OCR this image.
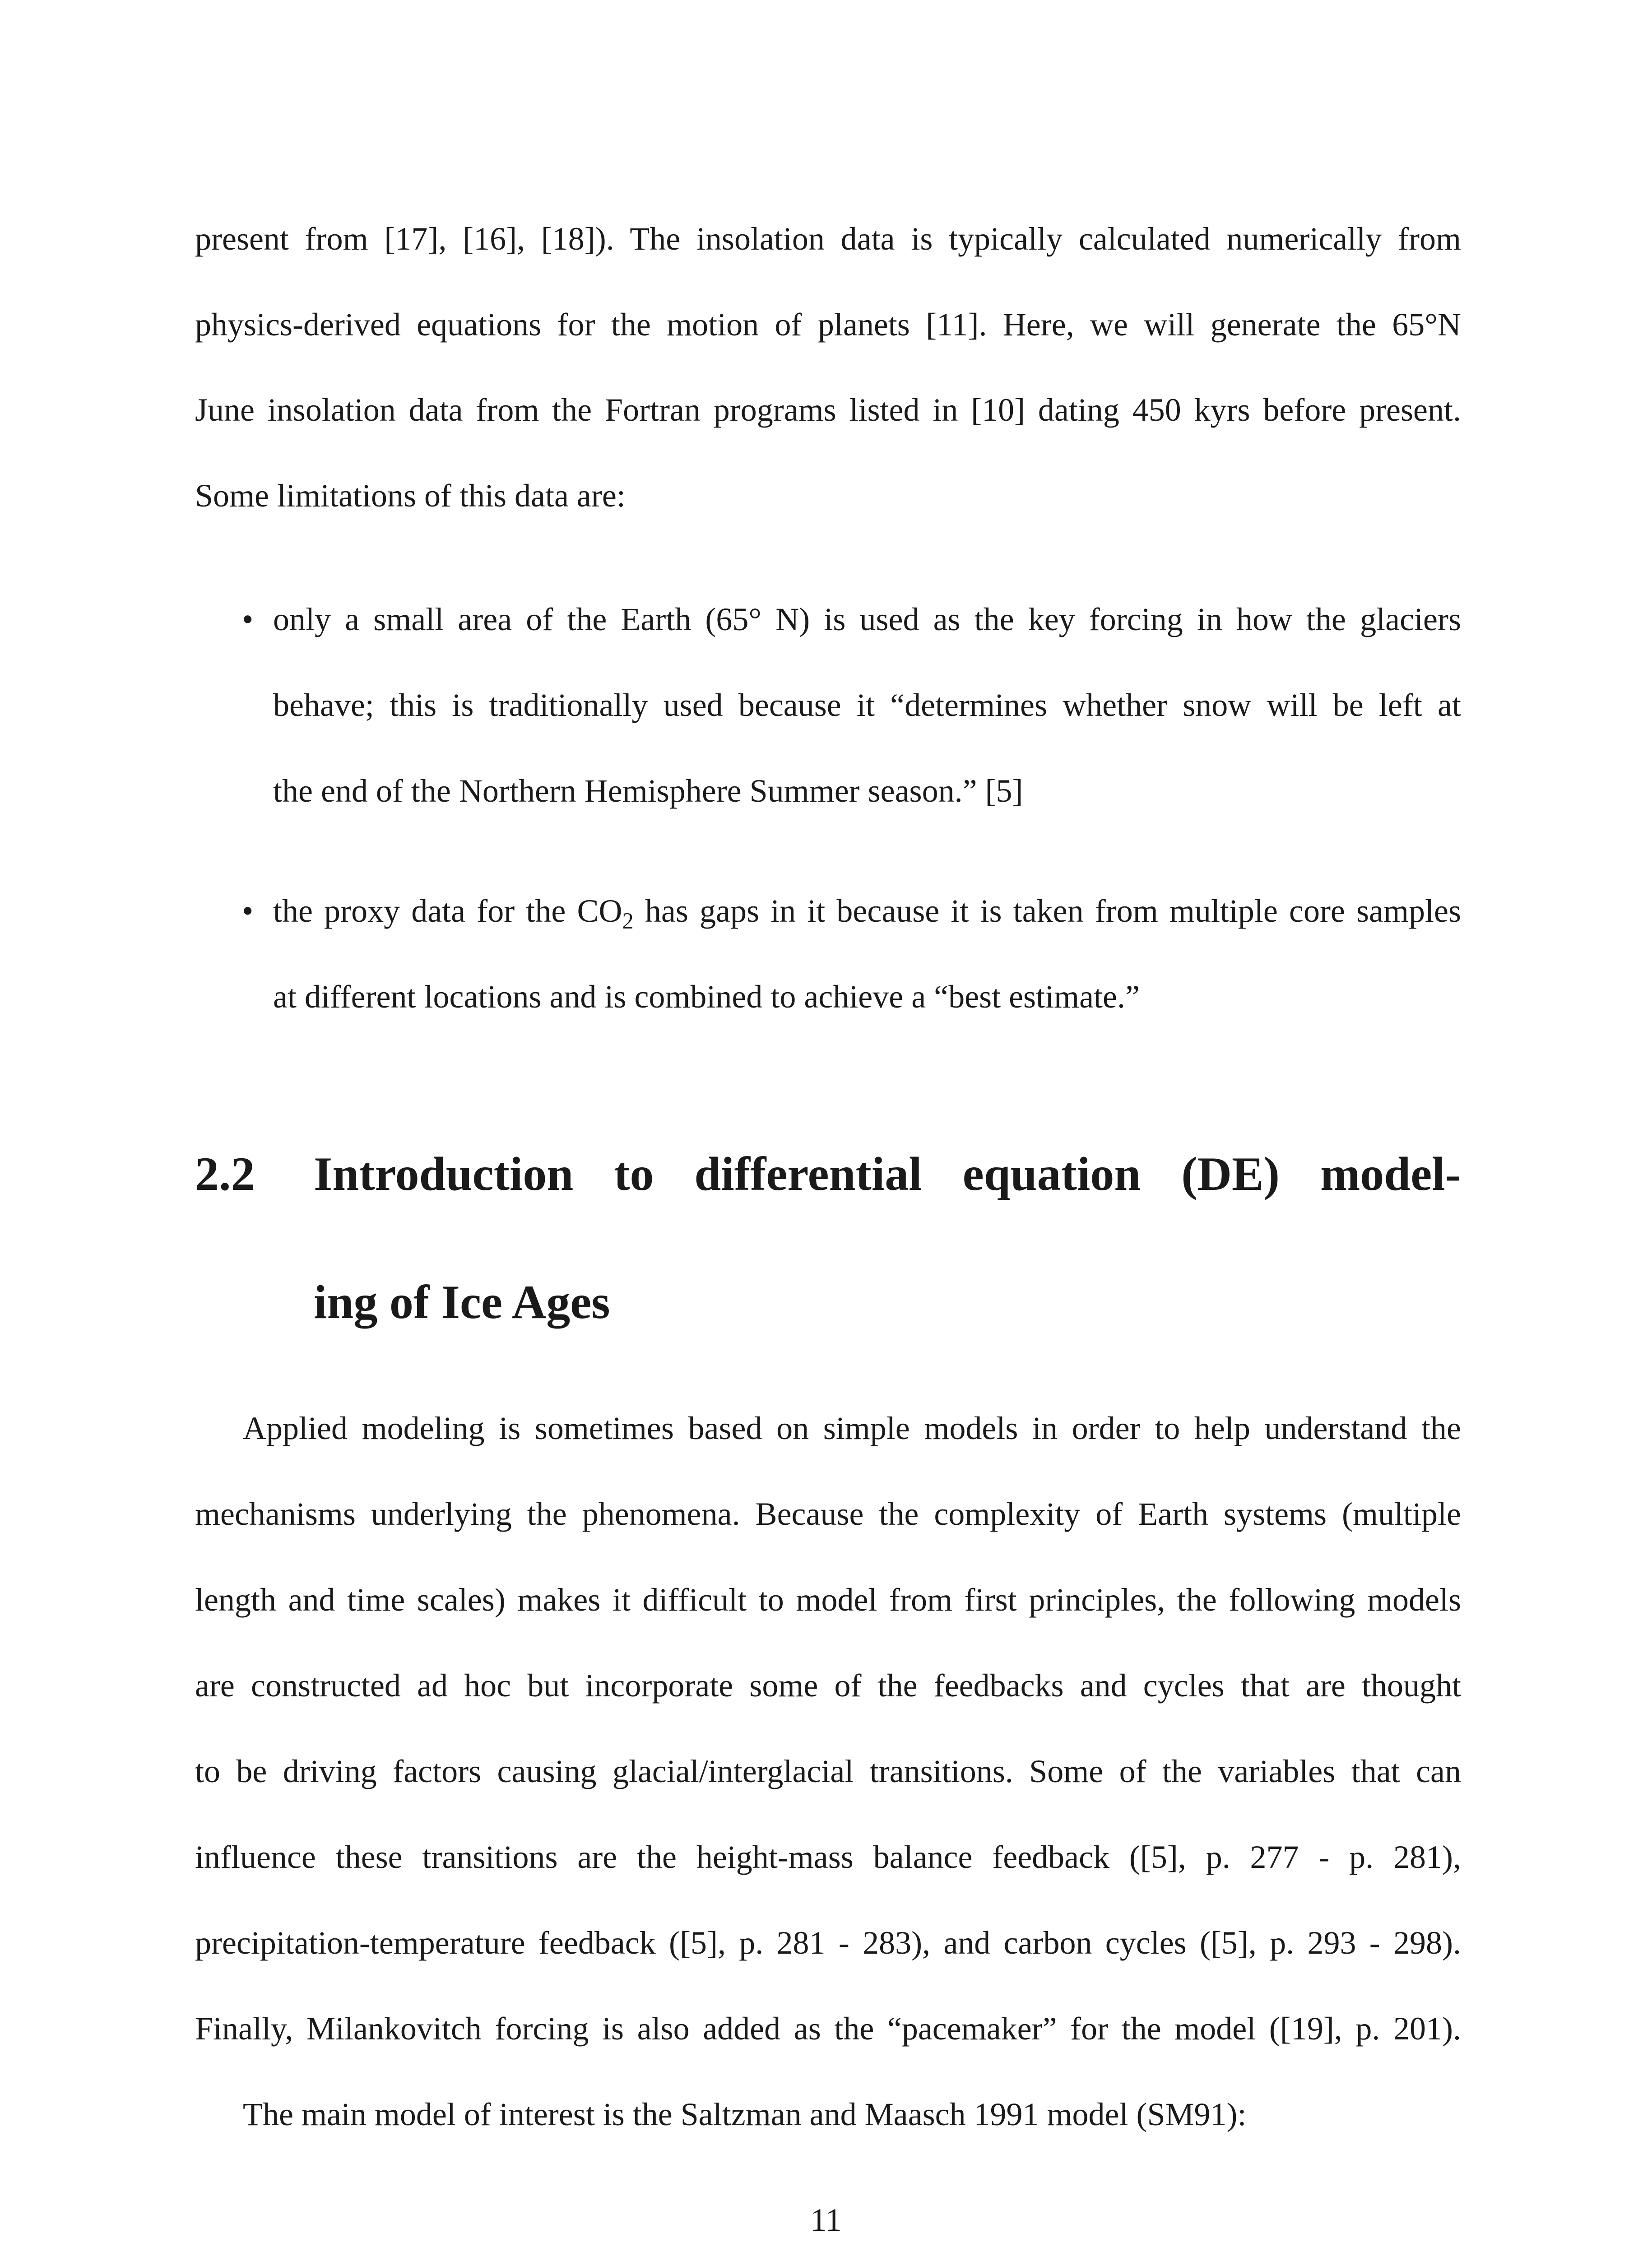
present from [17], [16], [18]). The insolation data is typically calculated numerically from
physics-derived equations for the motion of planets [11]. Here, we will generate the 65°N
June insolation data from the Fortran programs listed in [10] dating 450 kyrs before present.
Some limitations of this data are:
• only a small area of the Earth (65° N) is used as the key forcing in how the glaciers
behave; this is traditionally used because it “determines whether snow will be left at
the end of the Northern Hemisphere Summer season.” [5]
• the proxy data for the $CO_2$ has gaps in it because it is taken from multiple core samples
at different locations and is combined to achieve a “best estimate.”
2.2 Introduction to differential equation (DE) model-
ing of Ice Ages
Applied modeling is sometimes based on simple models in order to help understand the
mechanisms underlying the phenomena. Because the complexity of Earth systems (multiple
length and time scales) makes it difficult to model from first principles, the following models
are constructed ad hoc but incorporate some of the feedbacks and cycles that are thought
to be driving factors causing glacial/interglacial transitions. Some of the variables that can
influence these transitions are the height-mass balance feedback ([5], p. 277 - p. 281),
precipitation-temperature feedback ([5], p. 281 - 283), and carbon cycles ([5], p. 293 - 298).
Finally, Milankovitch forcing is also added as the “pacemaker” for the model ([19], p. 201).
The main model of interest is the Saltzman and Maasch 1991 model (SM91):
11
